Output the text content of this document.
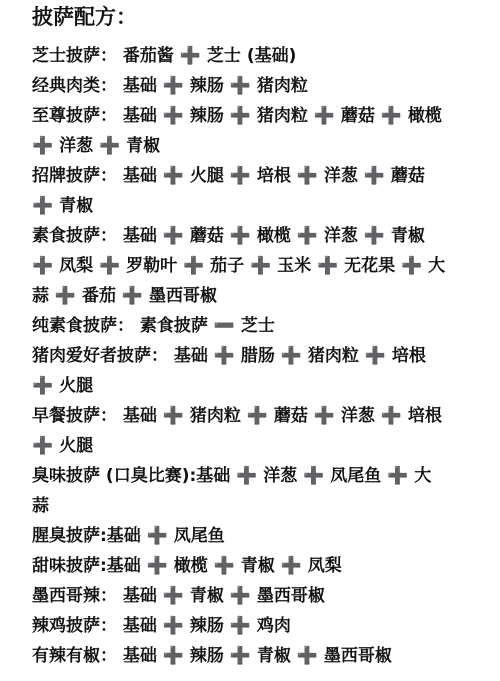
披萨配方：
芝士披萨： 番茄酱 ➕ 芝士 (基础)
经典肉类： 基础 ➕ 辣肠 ➕ 猪肉粒
至尊披萨： 基础 ➕ 辣肠 ➕ 猪肉粒 ➕ 蘑菇 ➕ 橄榄
➕ 洋葱 ➕ 青椒
招牌披萨： 基础 ➕ 火腿 ➕ 培根 ➕ 洋葱 ➕ 蘑菇
➕ 青椒
素食披萨： 基础 ➕ 蘑菇 ➕ 橄榄 ➕ 洋葱 ➕ 青椒
➕ 凤梨 ➕ 罗勒叶 ➕ 茄子 ➕ 玉米 ➕ 无花果 ➕ 大
蒜 ➕ 番茄 ➕ 墨西哥椒
纯素食披萨： 素食披萨 ➖ 芝士
猪肉爱好者披萨： 基础 ➕ 腊肠 ➕ 猪肉粒 ➕ 培根
➕ 火腿
早餐披萨： 基础 ➕ 猪肉粒 ➕ 蘑菇 ➕ 洋葱 ➕ 培根
➕ 火腿
臭味披萨 (口臭比赛):基础 ➕ 洋葱 ➕ 凤尾鱼 ➕ 大
蒜
腥臭披萨:基础 ➕ 凤尾鱼
甜味披萨:基础 ➕ 橄榄 ➕ 青椒 ➕ 凤梨
墨西哥辣： 基础 ➕ 青椒 ➕ 墨西哥椒
辣鸡披萨： 基础 ➕ 辣肠 ➕ 鸡肉
有辣有椒： 基础 ➕ 辣肠 ➕ 青椒 ➕ 墨西哥椒
